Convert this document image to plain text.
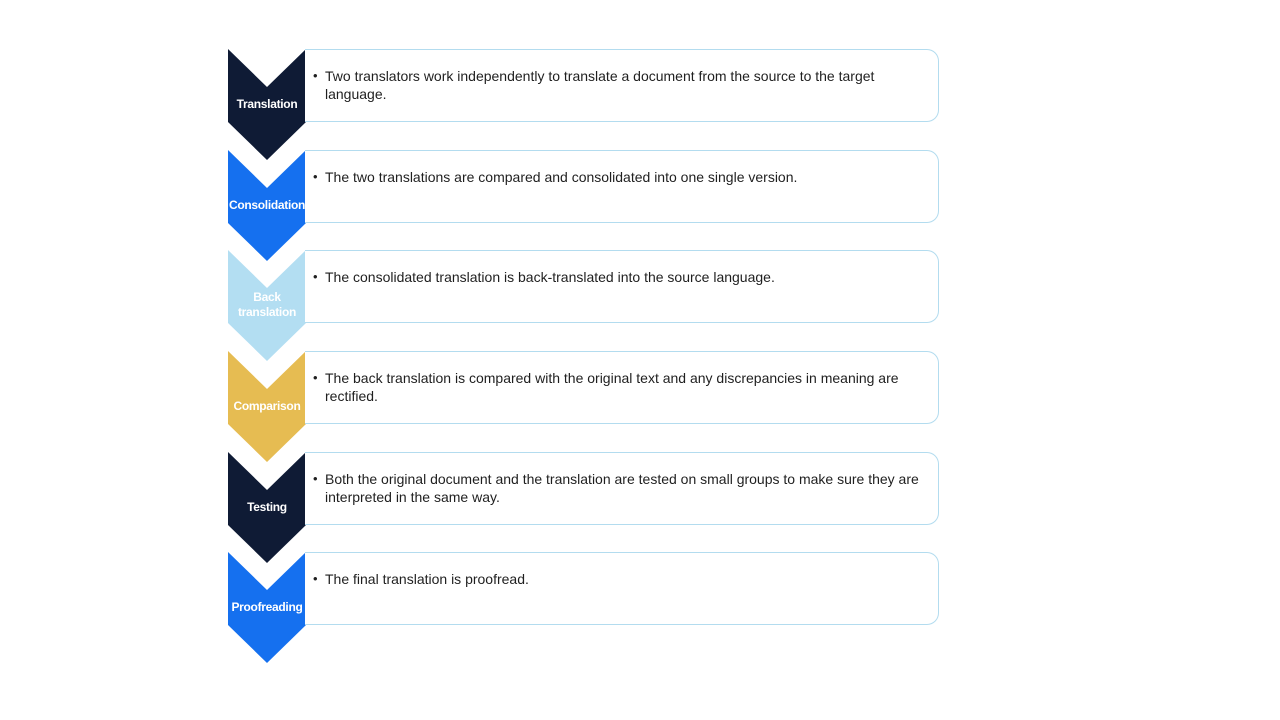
Translation
• Two translators work independently to translate a document from the source to the target language.
Consolidation
• The two translations are compared and consolidated into one single version.
Back translation
• The consolidated translation is back-translated into the source language.
Comparison
• The back translation is compared with the original text and any discrepancies in meaning are rectified.
Testing
• Both the original document and the translation are tested on small groups to make sure they are interpreted in the same way.
Proofreading
• The final translation is proofread.
